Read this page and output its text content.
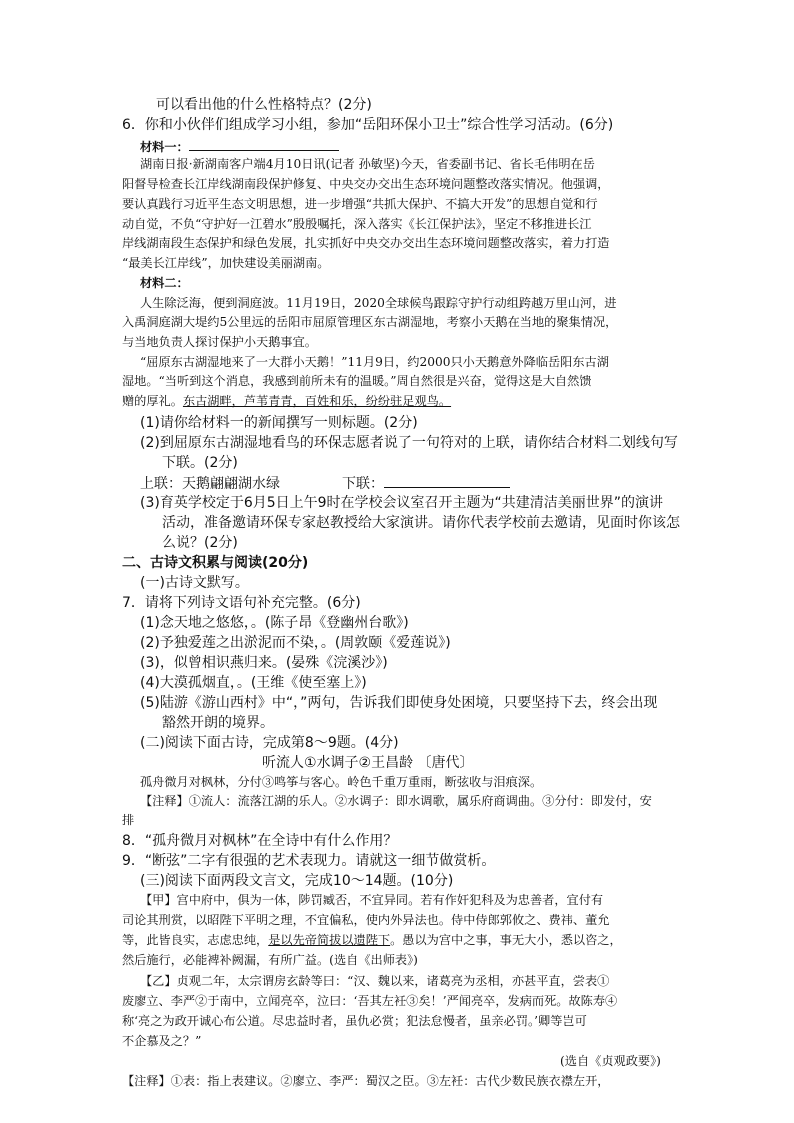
可以看出他的什么性格特点？(2分)
6．你和小伙伴们组成学习小组，参加“岳阳环保小卫士”综合性学习活动。(6分)
材料一：
湖南日报·新湖南客户端4月10日讯(记者 孙敏坚)今天，省委副书记、省长毛伟明在岳
阳督导检查长江岸线湖南段保护修复、中央交办交出生态环境问题整改落实情况。他强调，
要认真践行习近平生态文明思想，进一步增强“共抓大保护、不搞大开发”的思想自觉和行
动自觉，不负“守护好一江碧水”殷殷嘱托，深入落实《长江保护法》，坚定不移推进长江
岸线湖南段生态保护和绿色发展，扎实抓好中央交办交出生态环境问题整改落实，着力打造
“最美长江岸线”，加快建设美丽湖南。
材料二：
人生除泛海，便到洞庭波。11月19日，2020全球候鸟跟踪守护行动组跨越万里山河，进
入禹洞庭湖大堤约5公里远的岳阳市屈原管理区东古湖湿地，考察小天鹅在当地的聚集情况，
与当地负责人探讨保护小天鹅事宜。
“屈原东古湖湿地来了一大群小天鹅！”11月9日，约2000只小天鹅意外降临岳阳东古湖
湿地。“当听到这个消息，我感到前所未有的温暖。”周自然很是兴奋，觉得这是大自然馈
赠的厚礼。东古湖畔，芦苇青青，百姓和乐，纷纷驻足观鸟。
(1)请你给材料一的新闻撰写一则标题。(2分)
(2)到屈原东古湖湿地看鸟的环保志愿者说了一句符对的上联，请你结合材料二划线句写
下联。(2分)
上联：天鹅翩翩湖水绿	下联：
(3)育英学校定于6月5日上午9时在学校会议室召开主题为“共建清洁美丽世界”的演讲
活动，准备邀请环保专家赵教授给大家演讲。请你代表学校前去邀请，见面时你该怎
么说？(2分)
二、古诗文积累与阅读(20分)
(一)古诗文默写。
7．请将下列诗文语句补充完整。(6分)
(1)念天地之悠悠，。(陈子昂《登幽州台歌》)
(2)予独爱莲之出淤泥而不染，。(周敦颐《爱莲说》)
(3)，似曾相识燕归来。(晏殊《浣溪沙》)
(4)大漠孤烟直，。(王维《使至塞上》)
(5)陆游《游山西村》中“，”两句，告诉我们即使身处困境，只要坚持下去，终会出现
豁然开朗的境界。
(二)阅读下面古诗，完成第8～9题。(4分)
听流人①水调子②王昌龄 〔唐代〕
孤舟微月对枫林，分付③鸣筝与客心。岭色千重万重雨，断弦收与泪痕深。
【注释】①流人：流落江湖的乐人。②水调子：即水调歌，属乐府商调曲。③分付：即发付，安
排
8．“孤舟微月对枫林”在全诗中有什么作用？
9．“断弦”二字有很强的艺术表现力。请就这一细节做赏析。
(三)阅读下面两段文言文，完成10～14题。(10分)
【甲】宫中府中，俱为一体，陟罚臧否，不宜异同。若有作奸犯科及为忠善者，宜付有
司论其刑赏，以昭陛下平明之理，不宜偏私，使内外异法也。侍中侍郎郭攸之、费祎、董允
等，此皆良实，志虑忠纯，是以先帝简拔以遗陛下。愚以为宫中之事，事无大小，悉以咨之，
然后施行，必能裨补阙漏，有所广益。(选自《出师表》)
【乙】贞观二年，太宗谓房玄龄等曰：“汉、魏以来，诸葛亮为丞相，亦甚平直，尝表①
废廖立、李严②于南中，立闻亮卒，泣曰：‘吾其左衽③矣！’严闻亮卒，发病而死。故陈寿④
称‘亮之为政开诚心布公道。尽忠益时者，虽仇必赏；犯法怠慢者，虽亲必罚。’卿等岂可
不企慕及之？”
(选自《贞观政要》)
【注释】①表：指上表建议。②廖立、李严：蜀汉之臣。③左衽：古代少数民族衣襟左开，
